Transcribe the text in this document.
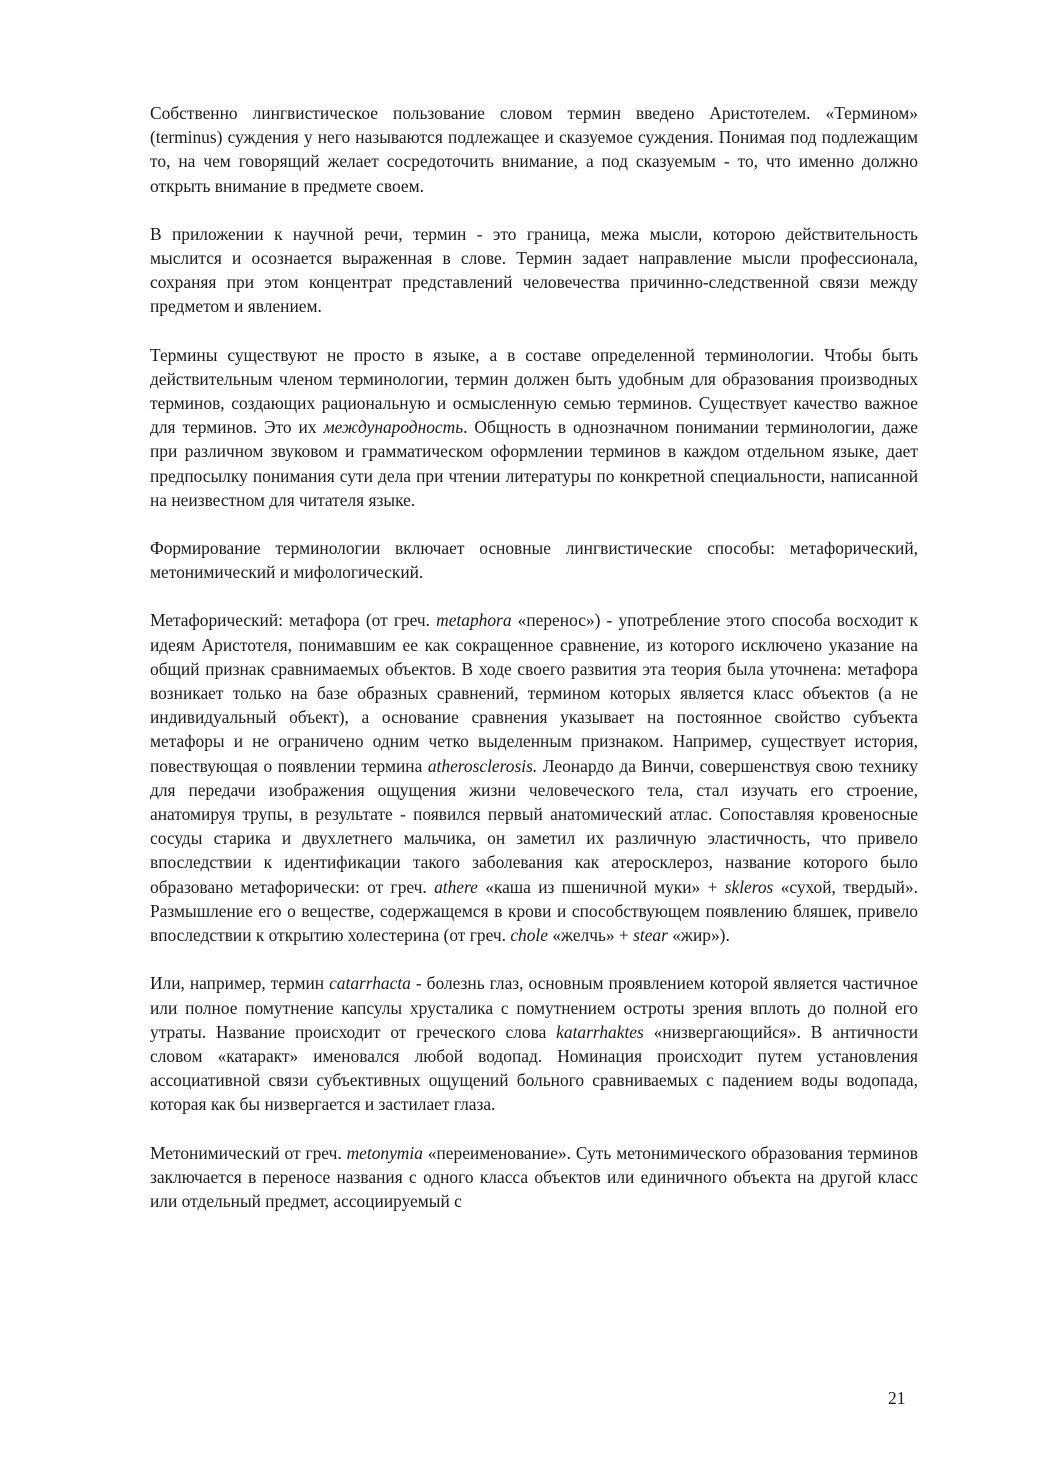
Собственно лингвистическое пользование словом термин введено Аристотелем. «Термином» (terminus) суждения у него называются подлежащее и сказуемое суждения. Понимая под подлежащим то, на чем говорящий желает сосредоточить внимание, а под сказуемым - то, что именно должно открыть внимание в предмете своем.

В приложении к научной речи, термин - это граница, межа мысли, которою действительность мыслится и осознается выраженная в слове. Термин задает направление мысли профессионала, сохраняя при этом концентрат представлений человечества причинно-следственной связи между предметом и явлением.

Термины существуют не просто в языке, а в составе определенной терминологии. Чтобы быть действительным членом терминологии, термин должен быть удобным для образования производных терминов, создающих рациональную и осмысленную семью терминов. Существует качество важное для терминов. Это их международность. Общность в однозначном понимании терминологии, даже при различном звуковом и грамматическом оформлении терминов в каждом отдельном языке, дает предпосылку понимания сути дела при чтении литературы по конкретной специальности, написанной на неизвестном для читателя языке.

Формирование терминологии включает основные лингвистические способы: метафорический, метонимический и мифологический.

Метафорический: метафора (от греч. metaphora «перенос») - употребление этого способа восходит к идеям Аристотеля, понимавшим ее как сокращенное сравнение, из которого исключено указание на общий признак сравнимаемых объектов. В ходе своего развития эта теория была уточнена: метафора возникает только на базе образных сравнений, термином которых является класс объектов (а не индивидуальный объект), а основание сравнения указывает на постоянное свойство субъекта метафоры и не ограничено одним четко выделенным признаком. Например, существует история, повествующая о появлении термина atherosclerosis. Леонардо да Винчи, совершенствуя свою технику для передачи изображения ощущения жизни человеческого тела, стал изучать его строение, анатомируя трупы, в результате - появился первый анатомический атлас. Сопоставляя кровеносные сосуды старика и двухлетнего мальчика, он заметил их различную эластичность, что привело впоследствии к идентификации такого заболевания как атеросклероз, название которого было образовано метафорически: от греч. athere «каша из пшеничной муки» + skleros «сухой, твердый». Размышление его о веществе, содержащемся в крови и способствующем появлению бляшек, привело впоследствии к открытию холестерина (от греч. chole «желчь» + stear «жир»).

Или, например, термин catarrhacta - болезнь глаз, основным проявлением которой является частичное или полное помутнение капсулы хрусталика с помутнением остроты зрения вплоть до полной его утраты. Название происходит от греческого слова katarrhaktes «низвергающийся». В античности словом «катаракт» именовался любой водопад. Номинация происходит путем установления ассоциативной связи субъективных ощущений больного сравниваемых с падением воды водопада, которая как бы низвергается и застилает глаза.

Метонимический от греч. metonymia «переименование». Суть метонимического образования терминов заключается в переносе названия с одного класса объектов или единичного объекта на другой класс или отдельный предмет, ассоциируемый с

21
